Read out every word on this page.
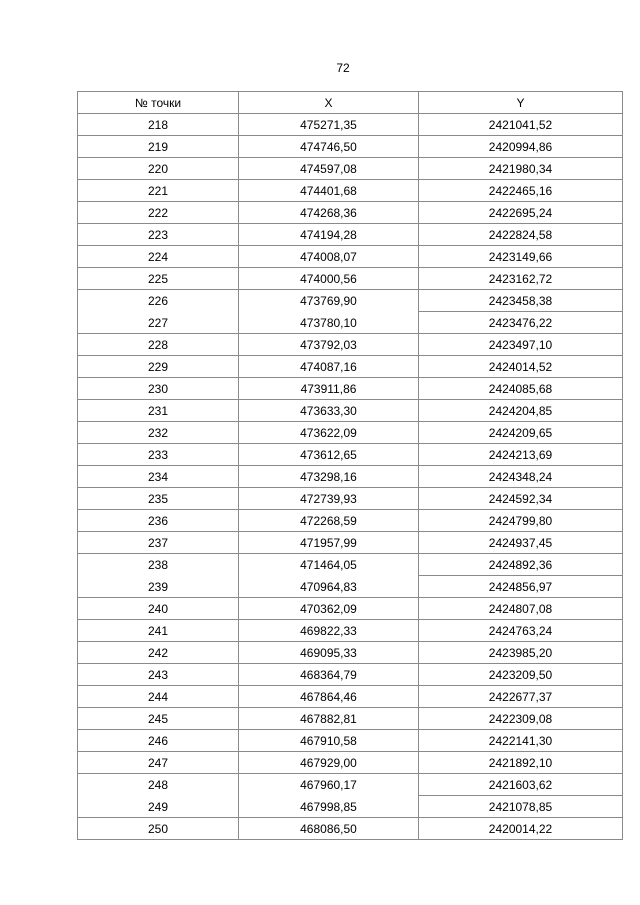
72
№ точки	X	Y
218	475271,35	2421041,52
219	474746,50	2420994,86
220	474597,08	2421980,34
221	474401,68	2422465,16
222	474268,36	2422695,24
223	474194,28	2422824,58
224	474008,07	2423149,66
225	474000,56	2423162,72
226	473769,90	2423458,38
227	473780,10	2423476,22
228	473792,03	2423497,10
229	474087,16	2424014,52
230	473911,86	2424085,68
231	473633,30	2424204,85
232	473622,09	2424209,65
233	473612,65	2424213,69
234	473298,16	2424348,24
235	472739,93	2424592,34
236	472268,59	2424799,80
237	471957,99	2424937,45
238	471464,05	2424892,36
239	470964,83	2424856,97
240	470362,09	2424807,08
241	469822,33	2424763,24
242	469095,33	2423985,20
243	468364,79	2423209,50
244	467864,46	2422677,37
245	467882,81	2422309,08
246	467910,58	2422141,30
247	467929,00	2421892,10
248	467960,17	2421603,62
249	467998,85	2421078,85
250	468086,50	2420014,22
